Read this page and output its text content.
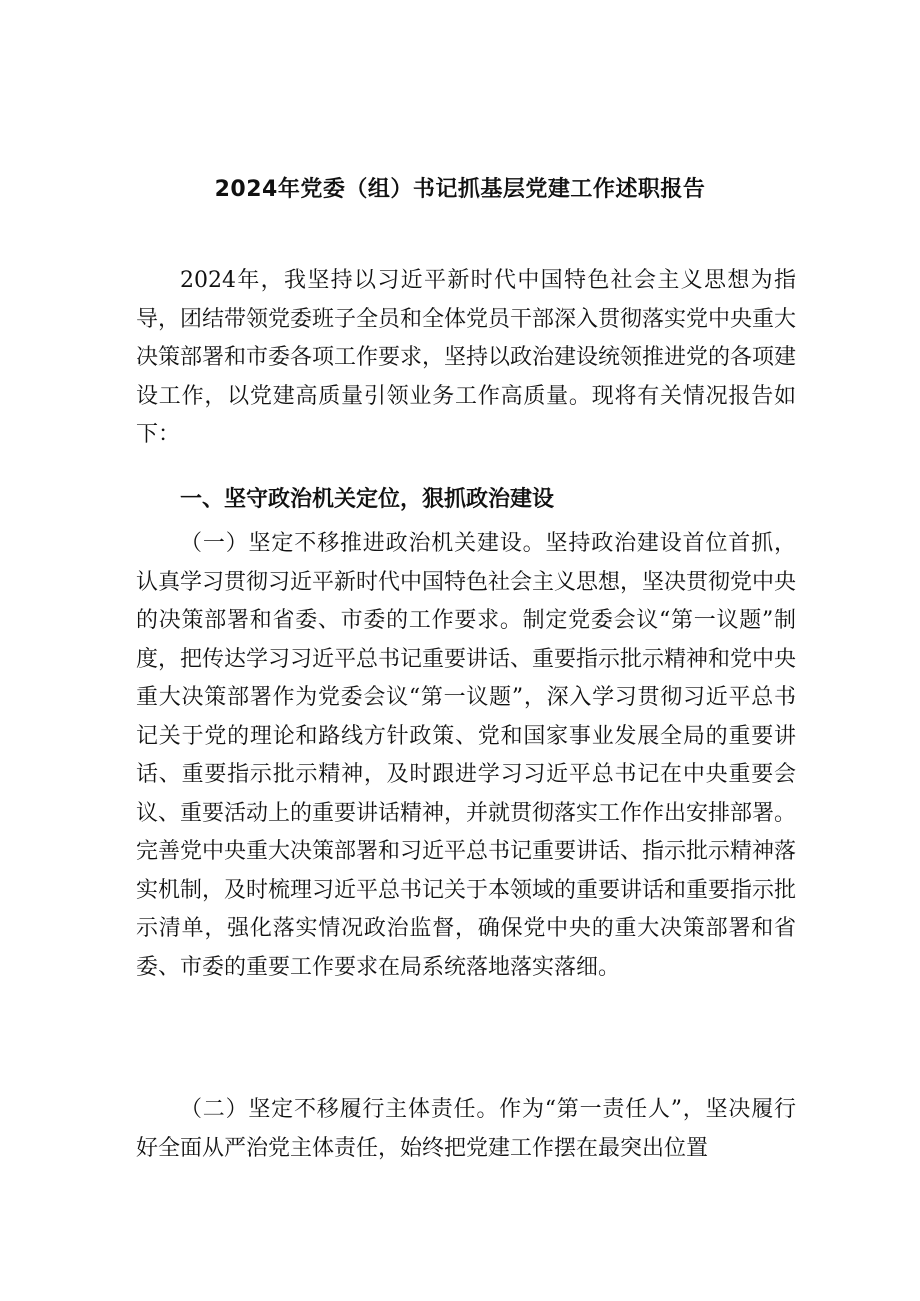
2024年党委（组）书记抓基层党建工作述职报告

2024年，我坚持以习近平新时代中国特色社会主义思想为指导，团结带领党委班子全员和全体党员干部深入贯彻落实党中央重大决策部署和市委各项工作要求，坚持以政治建设统领推进党的各项建设工作，以党建高质量引领业务工作高质量。现将有关情况报告如下：

一、坚守政治机关定位，狠抓政治建设

（一）坚定不移推进政治机关建设。坚持政治建设首位首抓，认真学习贯彻习近平新时代中国特色社会主义思想，坚决贯彻党中央的决策部署和省委、市委的工作要求。制定党委会议“第一议题”制度，把传达学习习近平总书记重要讲话、重要指示批示精神和党中央重大决策部署作为党委会议“第一议题”，深入学习贯彻习近平总书记关于党的理论和路线方针政策、党和国家事业发展全局的重要讲话、重要指示批示精神，及时跟进学习习近平总书记在中央重要会议、重要活动上的重要讲话精神，并就贯彻落实工作作出安排部署。完善党中央重大决策部署和习近平总书记重要讲话、指示批示精神落实机制，及时梳理习近平总书记关于本领域的重要讲话和重要指示批示清单，强化落实情况政治监督，确保党中央的重大决策部署和省委、市委的重要工作要求在局系统落地落实落细。

（二）坚定不移履行主体责任。作为“第一责任人”，坚决履行好全面从严治党主体责任，始终把党建工作摆在最突出位置
